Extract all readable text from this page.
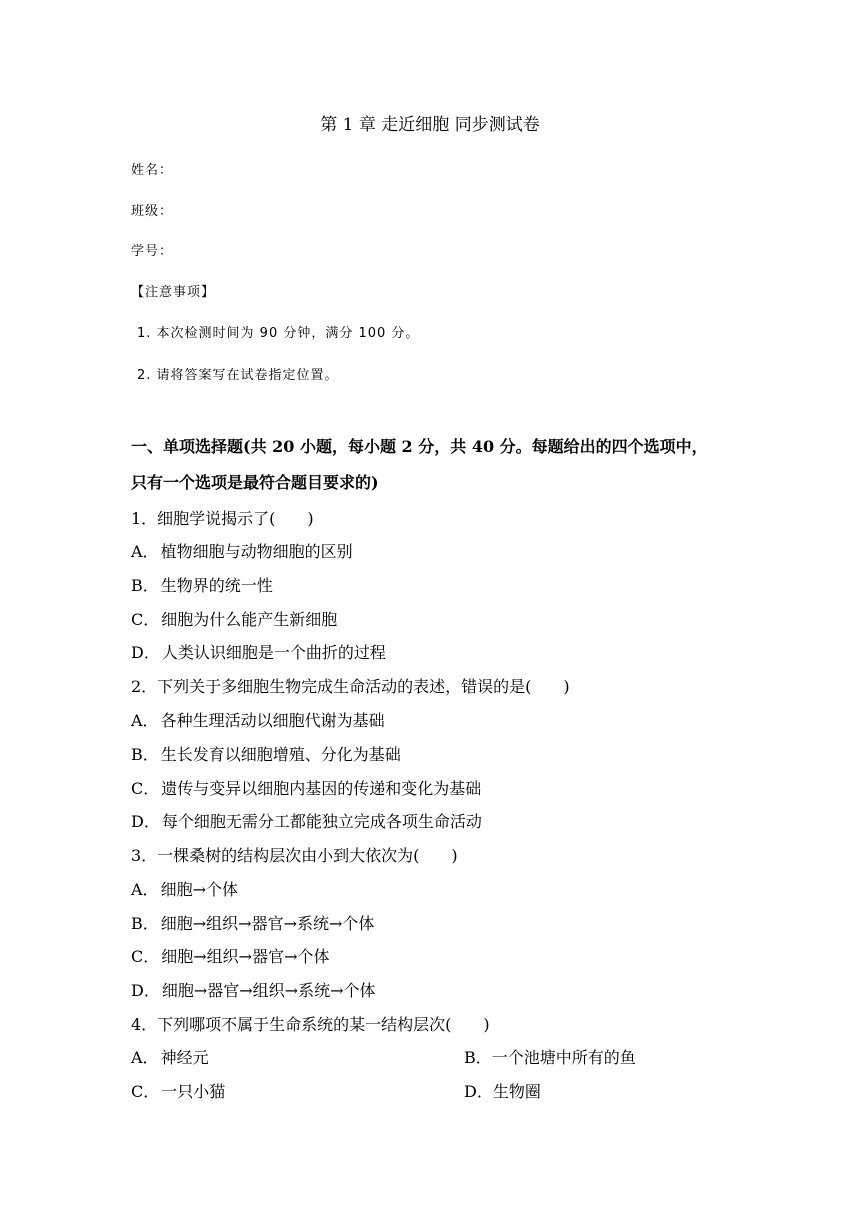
第 1 章 走近细胞 同步测试卷
姓名：
班级：
学号：
【注意事项】
1. 本次检测时间为 90 分钟，满分 100 分。
2. 请将答案写在试卷指定位置。
一、单项选择题(共 20 小题，每小题 2 分，共 40 分。每题给出的四个选项中，
只有一个选项是最符合题目要求的)
1．细胞学说揭示了(　　)
A． 植物细胞与动物细胞的区别
B． 生物界的统一性
C． 细胞为什么能产生新细胞
D． 人类认识细胞是一个曲折的过程
2．下列关于多细胞生物完成生命活动的表述，错误的是(　　)
A． 各种生理活动以细胞代谢为基础
B． 生长发育以细胞增殖、分化为基础
C． 遗传与变异以细胞内基因的传递和变化为基础
D． 每个细胞无需分工都能独立完成各项生命活动
3．一棵桑树的结构层次由小到大依次为(　　)
A． 细胞→个体
B． 细胞→组织→器官→系统→个体
C． 细胞→组织→器官→个体
D． 细胞→器官→组织→系统→个体
4．下列哪项不属于生命系统的某一结构层次(　　)
A． 神经元	B．一个池塘中所有的鱼
C． 一只小猫	D．生物圈
